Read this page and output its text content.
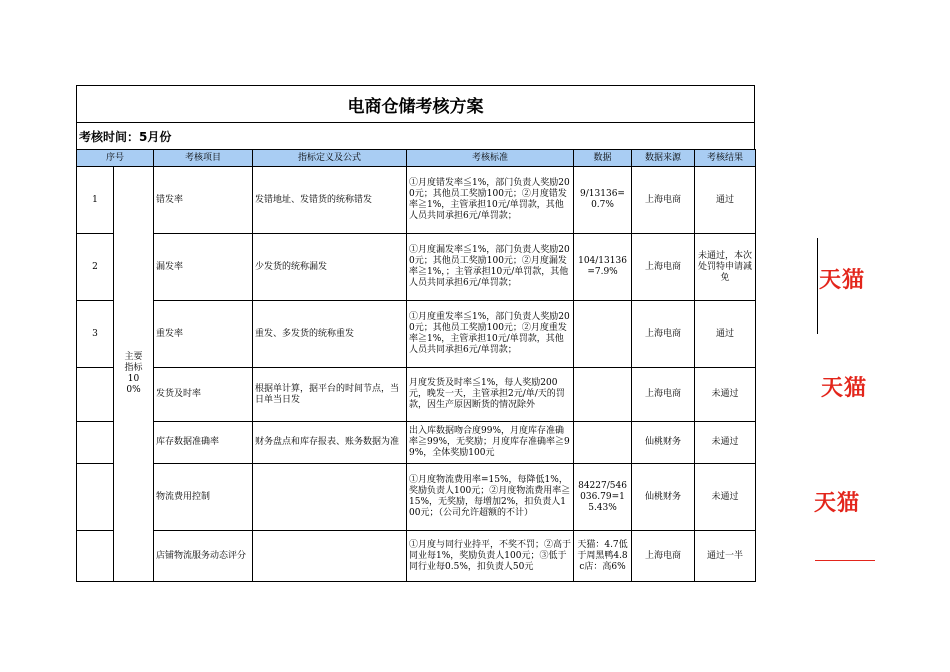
电商仓储考核方案
考核时间：5月份
序号		考核项目	指标定义及公式	考核标准	数据	数据来源	考核结果
1	主要指标100%	错发率	发错地址、发错货的统称错发	①月度错发率≦1%，部门负责人奖励200元；其他员工奖励100元；②月度错发率≧1%，主管承担10元/单罚款，其他人员共同承担6元/单罚款；	9/13136=0.7%	上海电商	通过
2		漏发率	少发货的统称漏发	①月度漏发率≦1%，部门负责人奖励200元；其他员工奖励100元；②月度漏发率≧1%，；主管承担10元/单罚款，其他人员共同承担6元/单罚款；	104/13136=7.9%	上海电商	未通过，本次处罚特申请减免
3		重发率	重发、多发货的统称重发	①月度重发率≦1%，部门负责人奖励200元；其他员工奖励100元；②月度重发率≧1%，主管承担10元/单罚款，其他人员共同承担6元/单罚款；		上海电商	通过
		发货及时率	根据单计算，据平台的时间节点，当日单当日发	月度发货及时率≦1%，每人奖励200元，晚发一天，主管承担2元/单/天的罚款，因生产原因断货的情况除外		上海电商	未通过
		库存数据准确率	财务盘点和库存报表、账务数据为准	出入库数据吻合度99%，月度库存准确率≧99%，无奖励；月度库存准确率≧99%，全体奖励100元		仙桃财务	未通过
		物流费用控制		①月度物流费用率=15%，每降低1%，奖励负责人100元；②月度物流费用率≧15%，无奖励，每增加2%，扣负责人100元；（公司允许超额的不计）	84227/546036.79=15.43%	仙桃财务	未通过
		店铺物流服务动态评分		①月度与同行业持平，不奖不罚；②高于同业每1%，奖励负责人100元；③低于同行业每0.5%，扣负责人50元	天猫：4.7低于周黑鸭4.8c店：高6%	上海电商	通过一半
天猫
天猫
天猫
